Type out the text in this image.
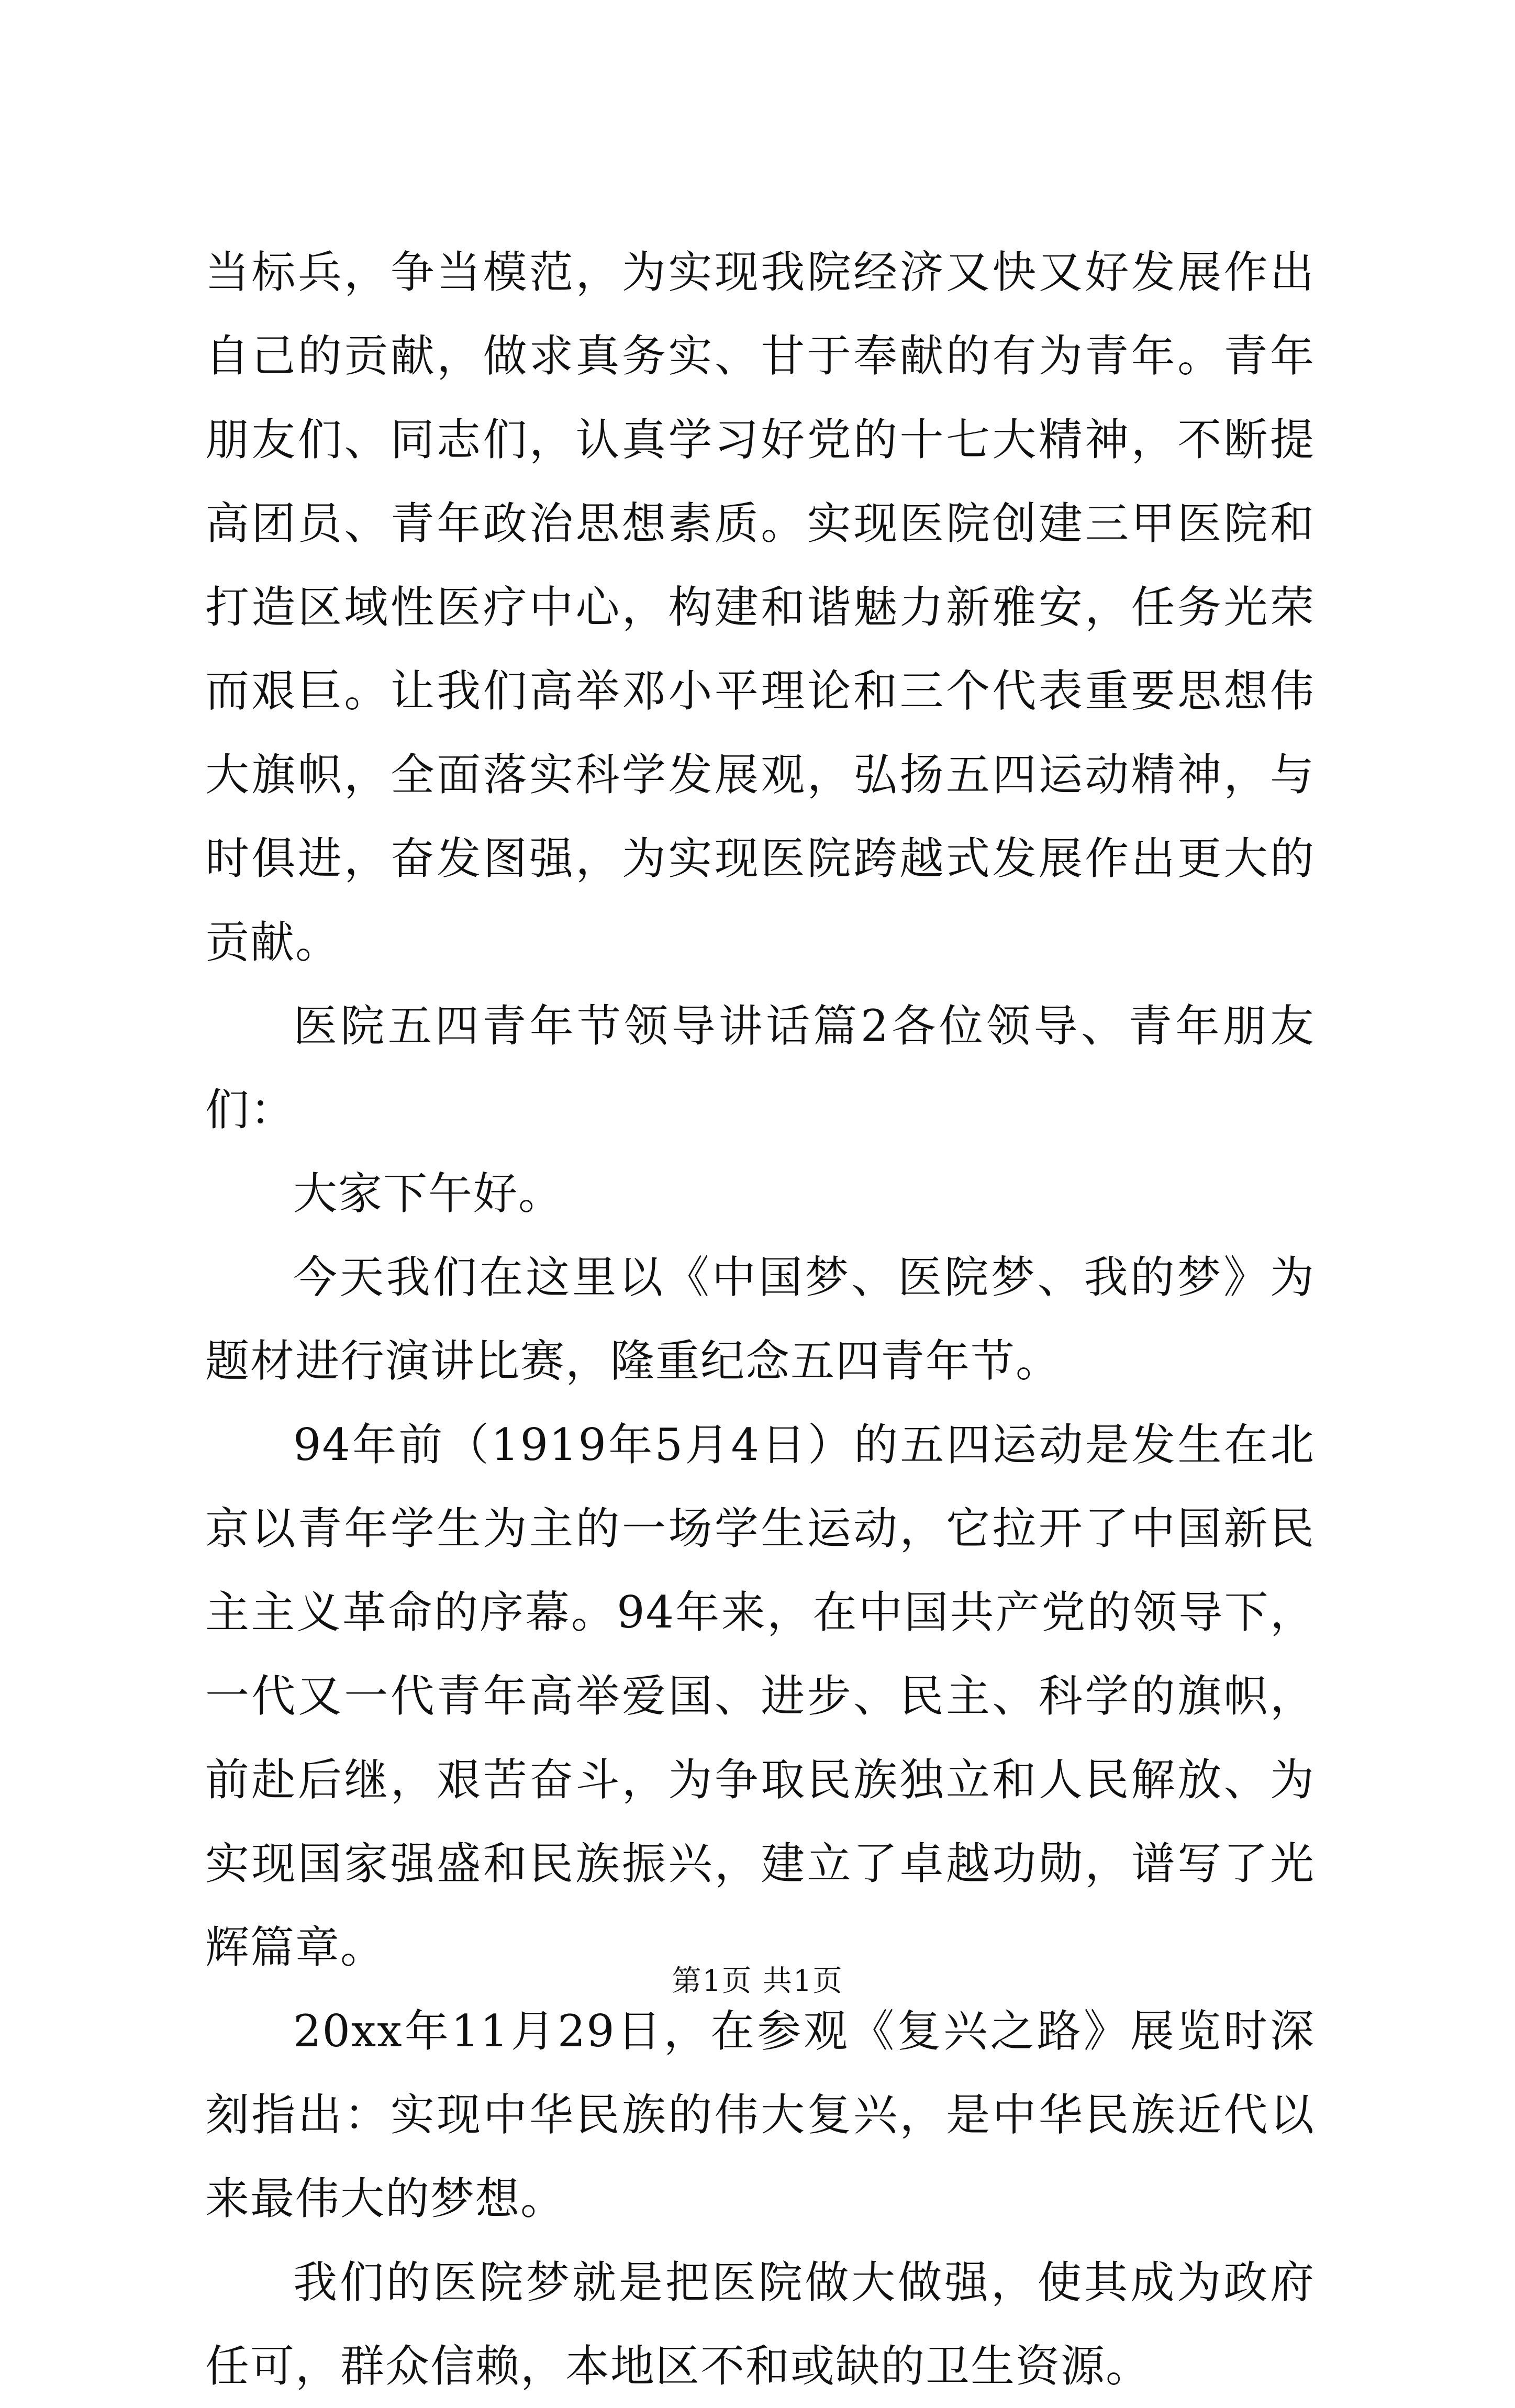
当标兵，争当模范，为实现我院经济又快又好发展作出自己的贡献，做求真务实、甘于奉献的有为青年。青年朋友们、同志们，认真学习好党的十七大精神，不断提高团员、青年政治思想素质。实现医院创建三甲医院和打造区域性医疗中心，构建和谐魅力新雅安，任务光荣而艰巨。让我们高举邓小平理论和三个代表重要思想伟大旗帜，全面落实科学发展观，弘扬五四运动精神，与时俱进，奋发图强，为实现医院跨越式发展作出更大的贡献。

医院五四青年节领导讲话篇2各位领导、青年朋友们：

大家下午好。

今天我们在这里以《中国梦、医院梦、我的梦》为题材进行演讲比赛，隆重纪念五四青年节。

94年前（1919年5月4日）的五四运动是发生在北京以青年学生为主的一场学生运动，它拉开了中国新民主主义革命的序幕。94年来，在中国共产党的领导下，一代又一代青年高举爱国、进步、民主、科学的旗帜，前赴后继，艰苦奋斗，为争取民族独立和人民解放、为实现国家强盛和民族振兴，建立了卓越功勋，谱写了光辉篇章。

20xx年11月29日，在参观《复兴之路》展览时深刻指出：实现中华民族的伟大复兴，是中华民族近代以来最伟大的梦想。

我们的医院梦就是把医院做大做强，使其成为政府任可，群众信赖，本地区不和或缺的卫生资源。

第1页 共1页
